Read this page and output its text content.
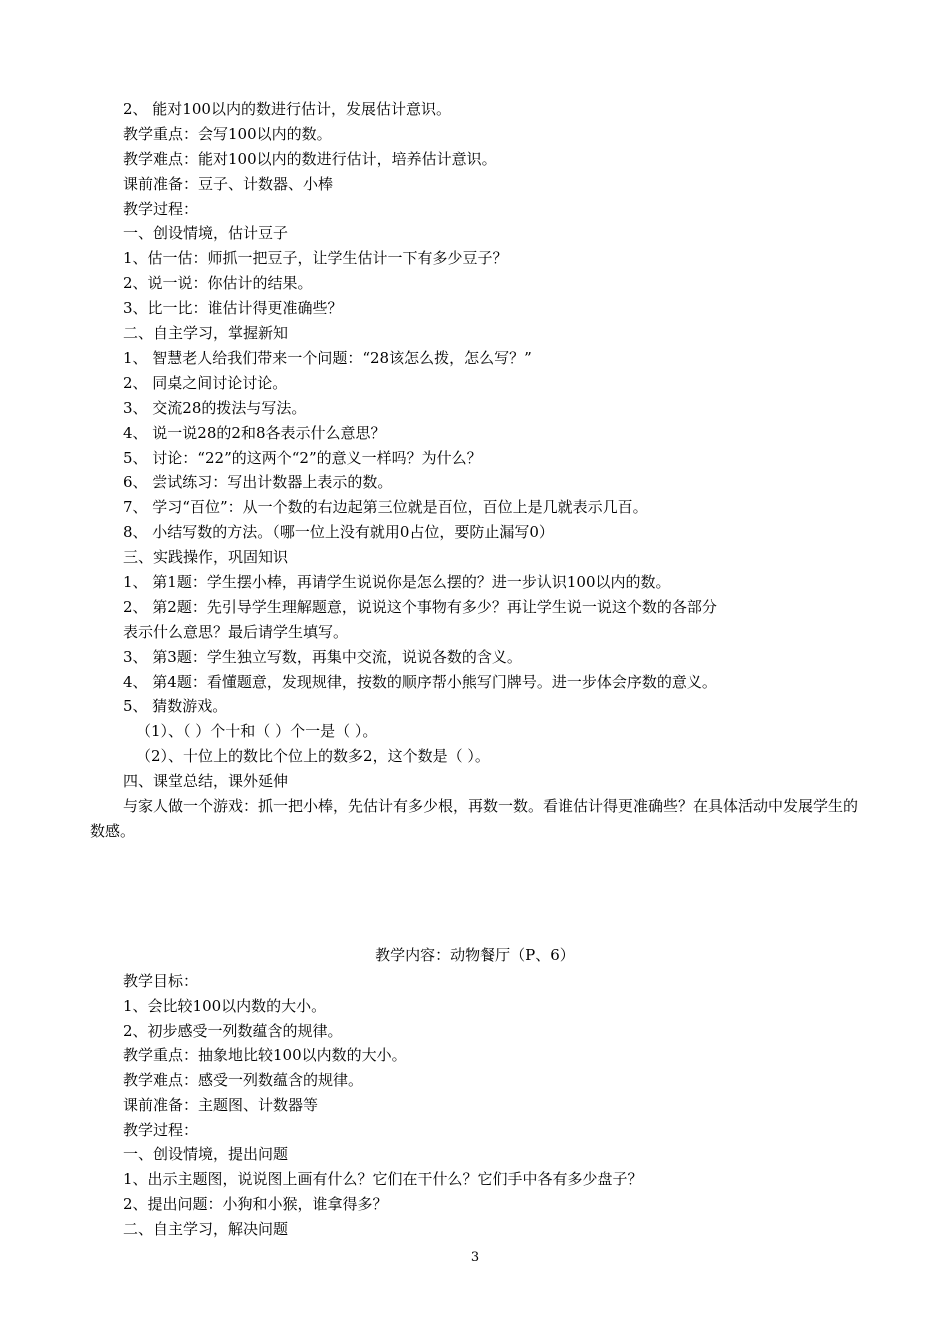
2、 能对100以内的数进行估计，发展估计意识。
教学重点：会写100以内的数。
教学难点：能对100以内的数进行估计，培养估计意识。
课前准备：豆子、计数器、小棒
教学过程：
一、创设情境，估计豆子
1、估一估：师抓一把豆子，让学生估计一下有多少豆子？
2、说一说：你估计的结果。
3、比一比：谁估计得更准确些？
二、自主学习，掌握新知
1、 智慧老人给我们带来一个问题：“28该怎么拨，怎么写？”
2、 同桌之间讨论讨论。
3、 交流28的拨法与写法。
4、 说一说28的2和8各表示什么意思？
5、 讨论：“22”的这两个“2”的意义一样吗？为什么？
6、 尝试练习：写出计数器上表示的数。
7、 学习“百位”：从一个数的右边起第三位就是百位，百位上是几就表示几百。
8、 小结写数的方法。（哪一位上没有就用0占位，要防止漏写0）
三、实践操作，巩固知识
1、 第1题：学生摆小棒，再请学生说说你是怎么摆的？进一步认识100以内的数。
2、 第2题：先引导学生理解题意，说说这个事物有多少？再让学生说一说这个数的各部分
表示什么意思？最后请学生填写。
3、 第3题：学生独立写数，再集中交流，说说各数的含义。
4、 第4题：看懂题意，发现规律，按数的顺序帮小熊写门牌号。进一步体会序数的意义。
5、 猜数游戏。
（1）、（ ）个十和（ ）个一是（ ）。
（2）、十位上的数比个位上的数多2，这个数是（ ）。
四、课堂总结，课外延伸
与家人做一个游戏：抓一把小棒，先估计有多少根，再数一数。看谁估计得更准确些？在具体活动中发展学生的数感。
教学内容：动物餐厅（P、6）
教学目标：
1、会比较100以内数的大小。
2、初步感受一列数蕴含的规律。
教学重点：抽象地比较100以内数的大小。
教学难点：感受一列数蕴含的规律。
课前准备：主题图、计数器等
教学过程：
一、创设情境，提出问题
1、出示主题图，说说图上画有什么？它们在干什么？它们手中各有多少盘子？
2、提出问题：小狗和小猴，谁拿得多？
二、自主学习，解决问题
3
